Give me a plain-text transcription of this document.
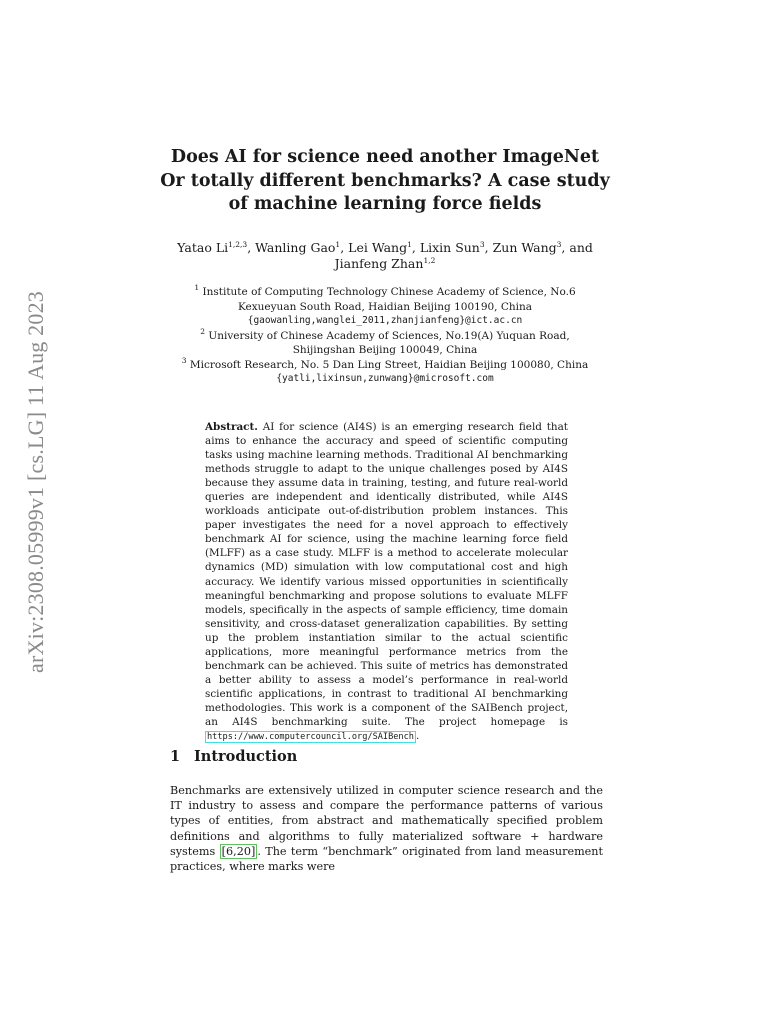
arXiv:2308.05999v1 [cs.LG] 11 Aug 2023
Does AI for science need another ImageNet Or totally different benchmarks? A case study of machine learning force fields
Yatao Li$^{1,2,3}$, Wanling Gao$^1$, Lei Wang$^1$, Lixin Sun$^3$, Zun Wang$^3$, and Jianfeng Zhan$^{1,2}$
$^1$ Institute of Computing Technology Chinese Academy of Science, No.6 Kexueyuan South Road, Haidian Beijing 100190, China
{gaowanling,wanglei_2011,zhanjianfeng}@ict.ac.cn
$^2$ University of Chinese Academy of Sciences, No.19(A) Yuquan Road, Shijingshan Beijing 100049, China
$^3$ Microsoft Research, No. 5 Dan Ling Street, Haidian Beijing 100080, China
{yatli,lixinsun,zunwang}@microsoft.com
Abstract. AI for science (AI4S) is an emerging research field that aims to enhance the accuracy and speed of scientific computing tasks using machine learning methods. Traditional AI benchmarking methods struggle to adapt to the unique challenges posed by AI4S because they assume data in training, testing, and future real-world queries are independent and identically distributed, while AI4S workloads anticipate out-of-distribution problem instances. This paper investigates the need for a novel approach to effectively benchmark AI for science, using the machine learning force field (MLFF) as a case study. MLFF is a method to accelerate molecular dynamics (MD) simulation with low computational cost and high accuracy. We identify various missed opportunities in scientifically meaningful benchmarking and propose solutions to evaluate MLFF models, specifically in the aspects of sample efficiency, time domain sensitivity, and cross-dataset generalization capabilities. By setting up the problem instantiation similar to the actual scientific applications, more meaningful performance metrics from the benchmark can be achieved. This suite of metrics has demonstrated a better ability to assess a model’s performance in real-world scientific applications, in contrast to traditional AI benchmarking methodologies. This work is a component of the SAIBench project, an AI4S benchmarking suite. The project homepage is https://www.computercouncil.org/SAIBench .
1 Introduction
Benchmarks are extensively utilized in computer science research and the IT industry to assess and compare the performance patterns of various types of entities, from abstract and mathematically specified problem definitions and algorithms to fully materialized software + hardware systems [6,20] . The term “benchmark” originated from land measurement practices, where marks were
